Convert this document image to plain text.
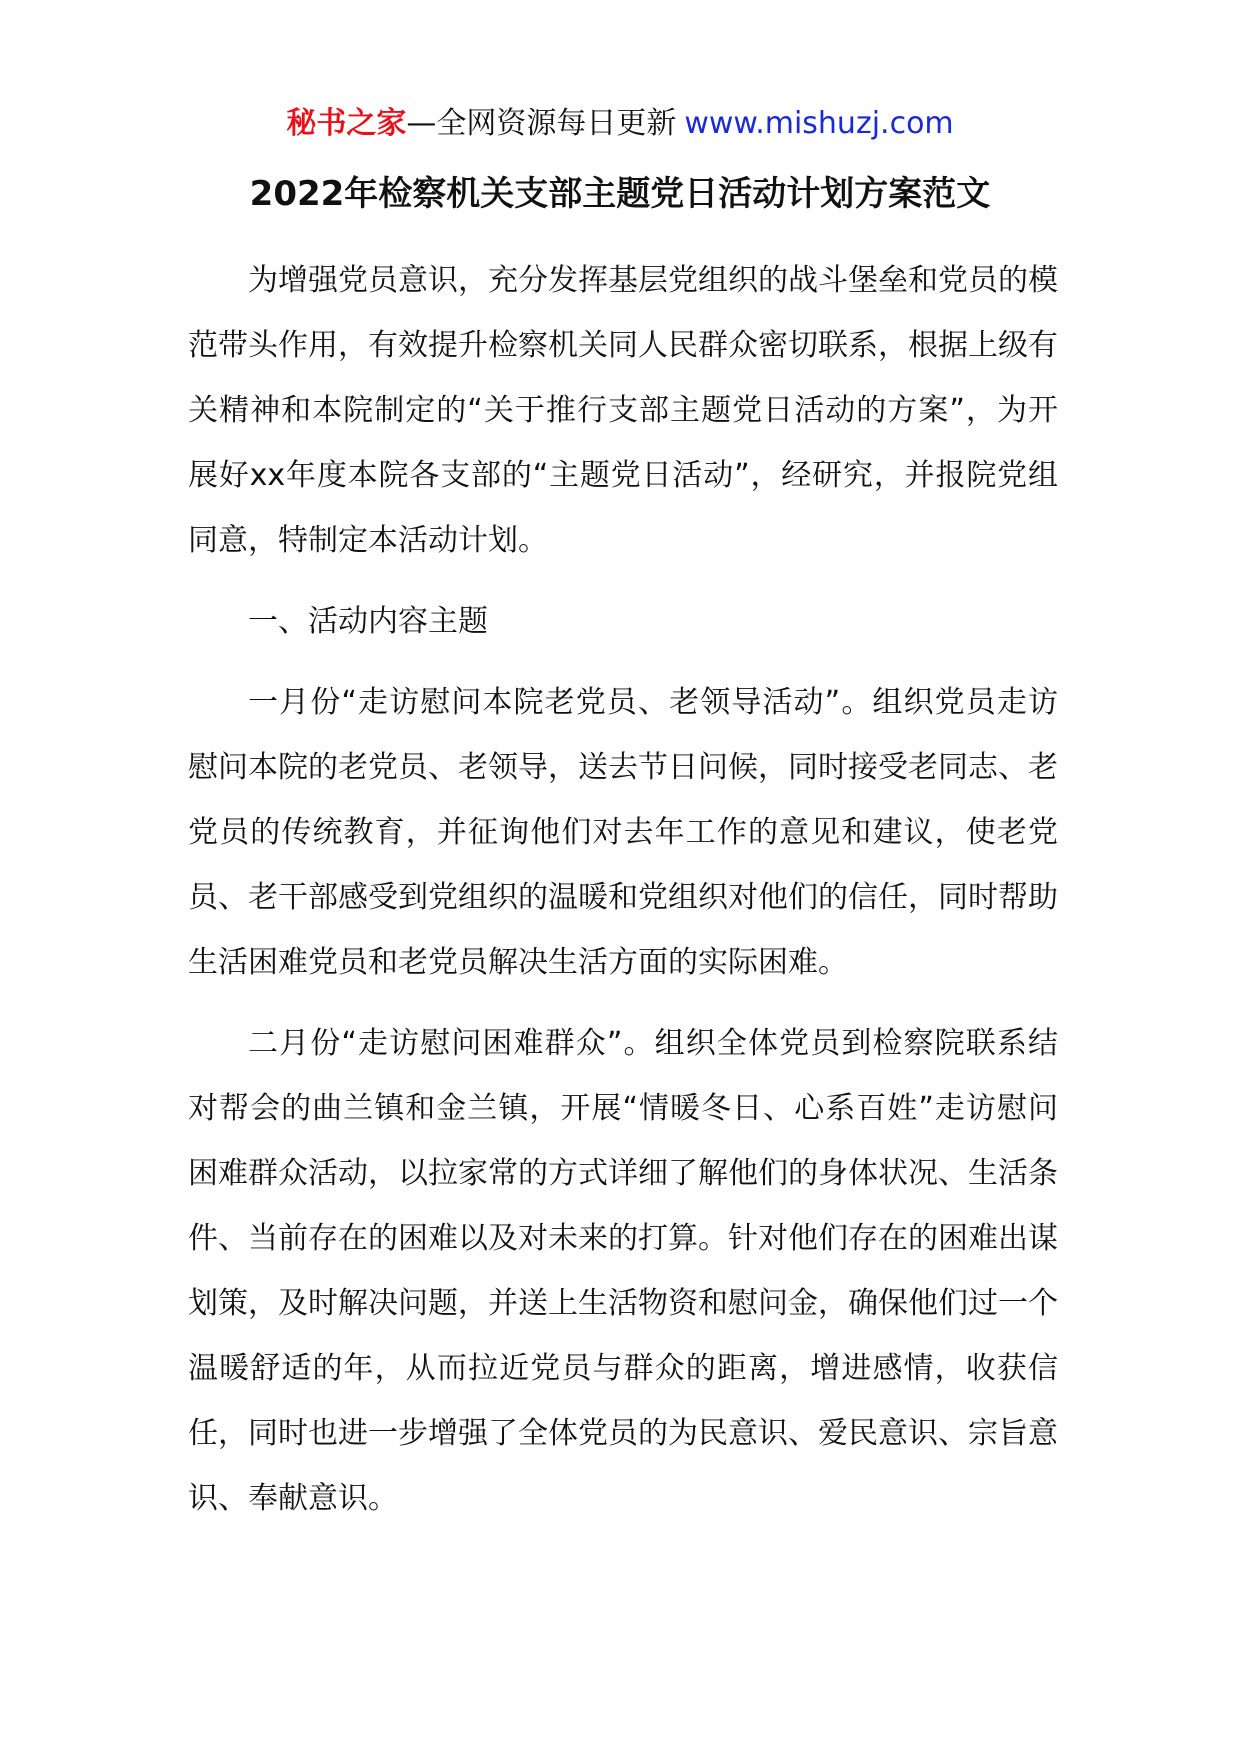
秘书之家—全网资源每日更新 www.mishuzj.com
2022年检察机关支部主题党日活动计划方案范文

为增强党员意识，充分发挥基层党组织的战斗堡垒和党员的模范带头作用，有效提升检察机关同人民群众密切联系，根据上级有关精神和本院制定的“关于推行支部主题党日活动的方案”，为开展好xx年度本院各支部的“主题党日活动”，经研究，并报院党组同意，特制定本活动计划。

一、活动内容主题

一月份“走访慰问本院老党员、老领导活动”。组织党员走访慰问本院的老党员、老领导，送去节日问候，同时接受老同志、老党员的传统教育，并征询他们对去年工作的意见和建议，使老党员、老干部感受到党组织的温暖和党组织对他们的信任，同时帮助生活困难党员和老党员解决生活方面的实际困难。

二月份“走访慰问困难群众”。组织全体党员到检察院联系结对帮会的曲兰镇和金兰镇，开展“情暖冬日、心系百姓”走访慰问困难群众活动，以拉家常的方式详细了解他们的身体状况、生活条件、当前存在的困难以及对未来的打算。针对他们存在的困难出谋划策，及时解决问题，并送上生活物资和慰问金，确保他们过一个温暖舒适的年，从而拉近党员与群众的距离，增进感情，收获信任，同时也进一步增强了全体党员的为民意识、爱民意识、宗旨意识、奉献意识。
